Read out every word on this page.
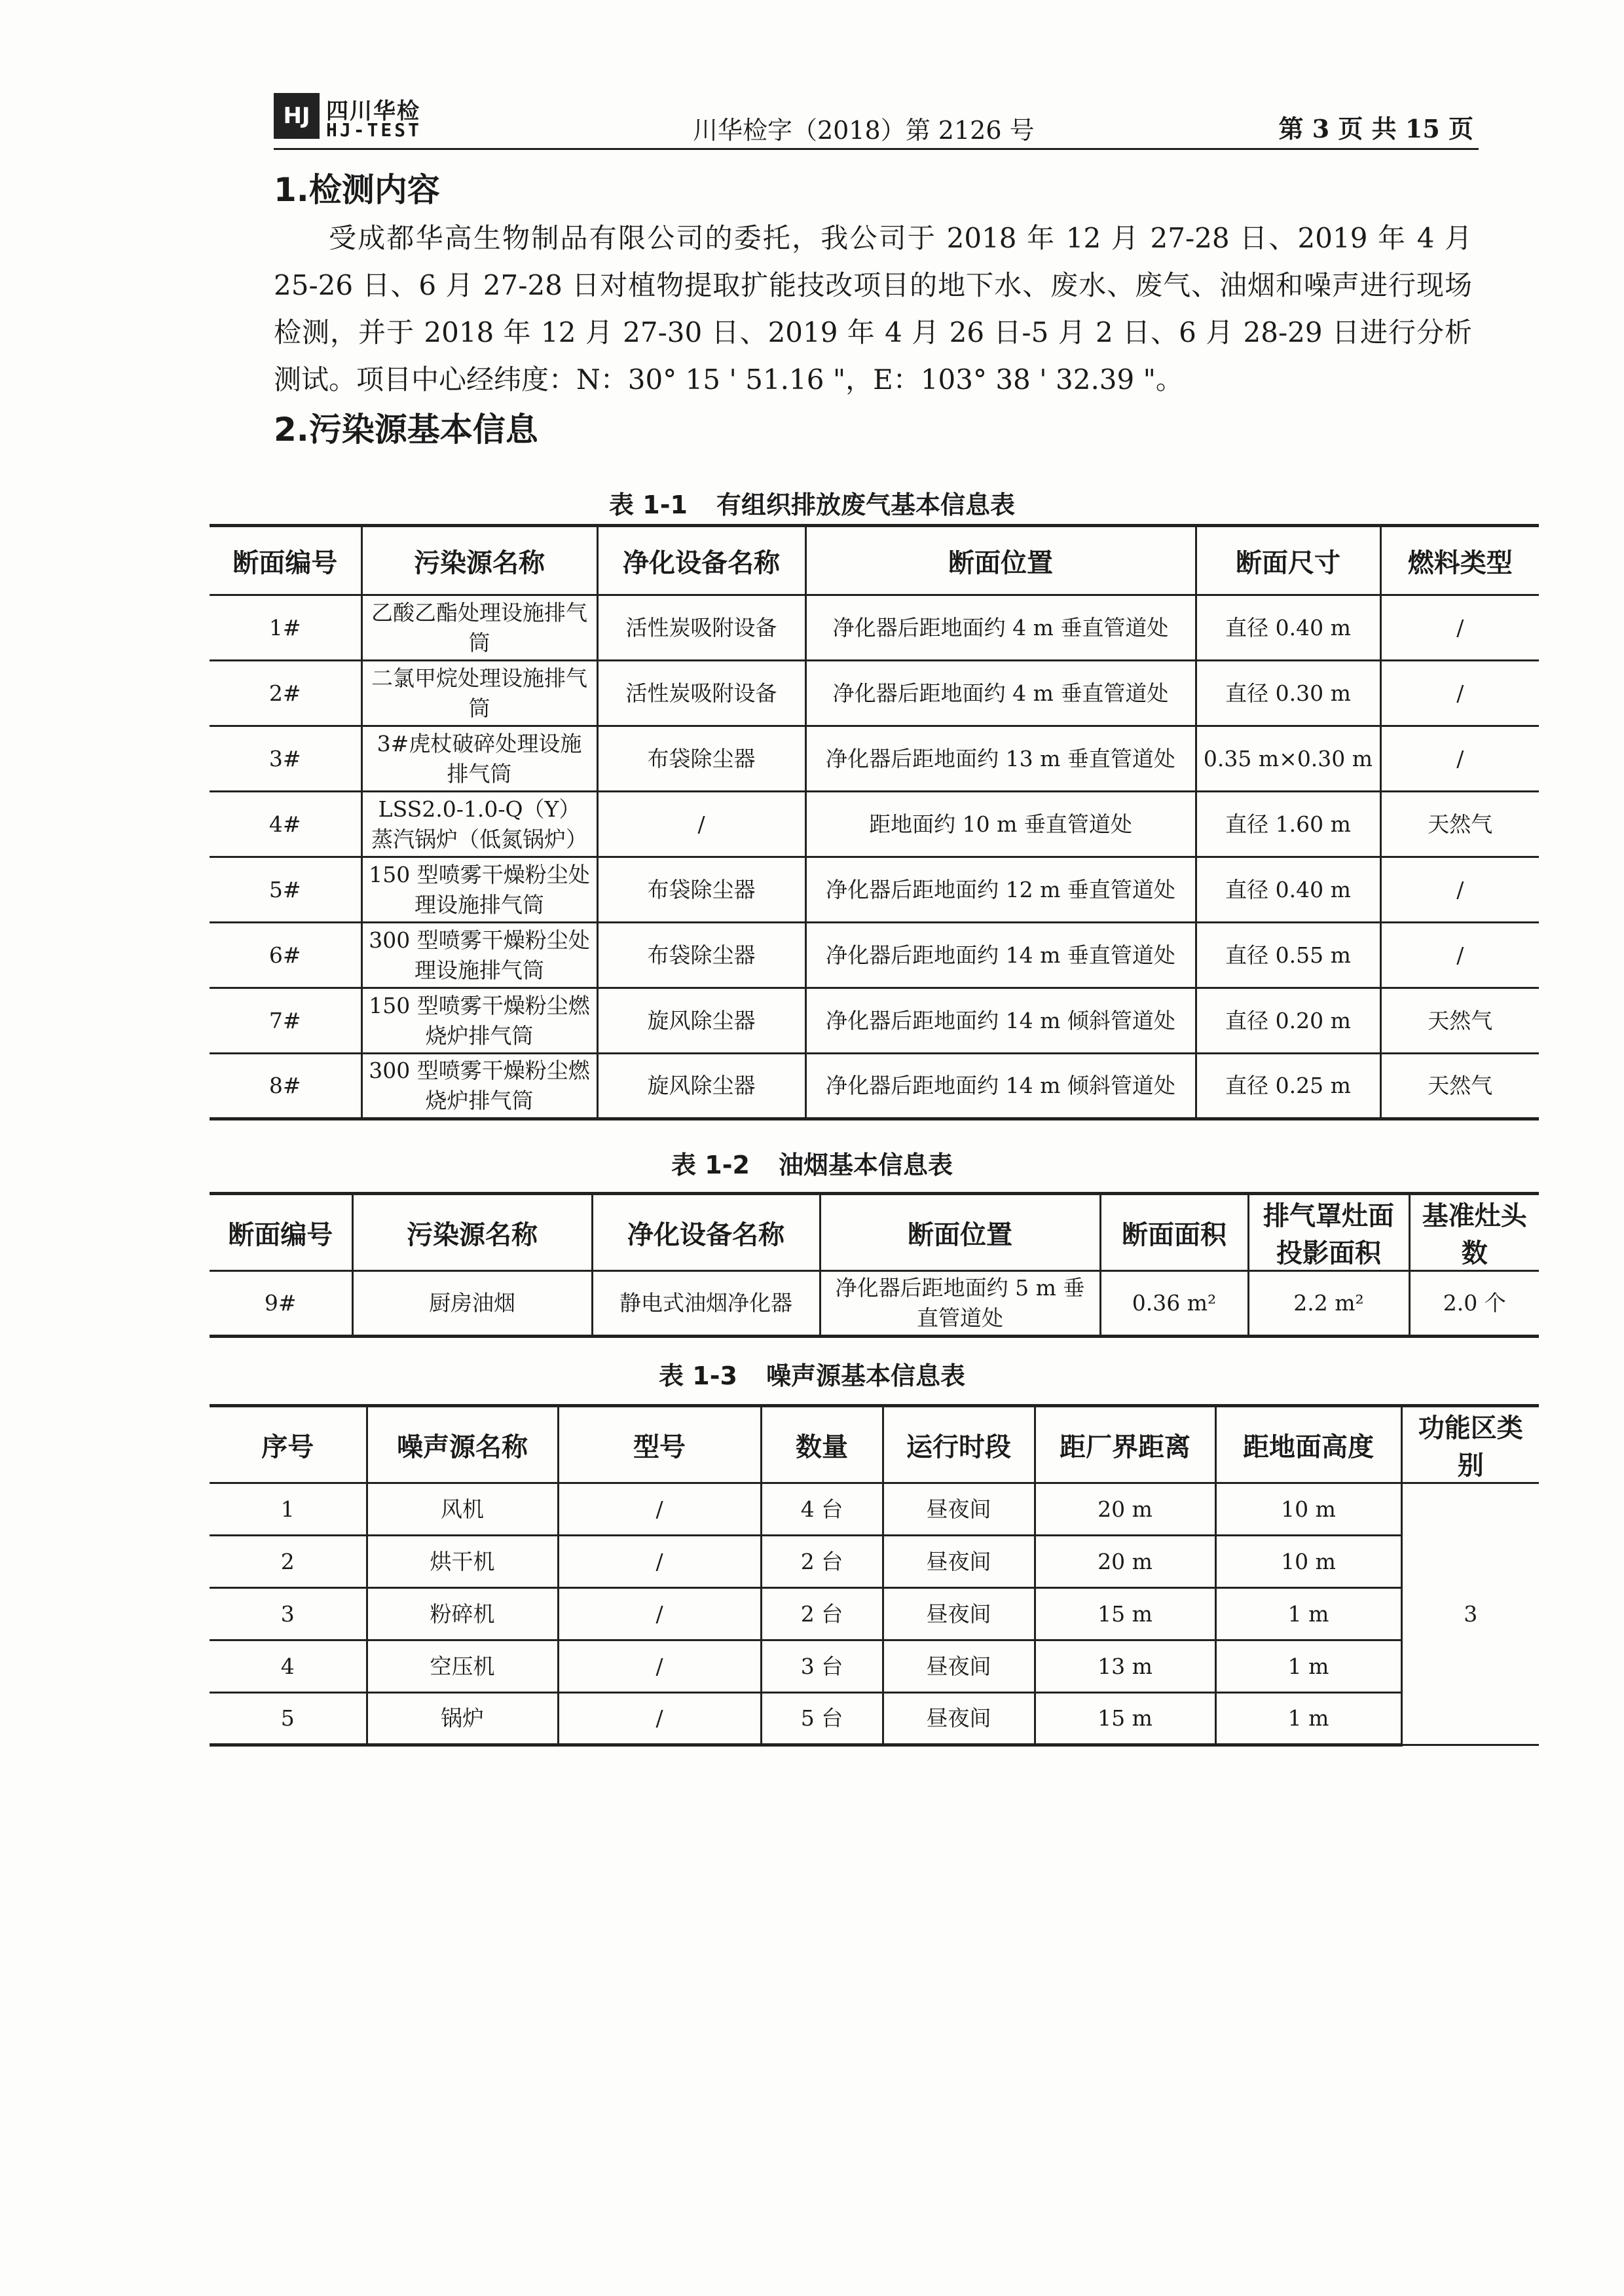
HJ 四川华检
HJ-TEST	川华检字（2018）第 2126 号	第 3 页 共 15 页
1.检测内容

受成都华高生物制品有限公司的委托，我公司于 2018 年 12 月 27-28 日、2019 年 4 月 25-26 日、6 月 27-28 日对植物提取扩能技改项目的地下水、废水、废气、油烟和噪声进行现场检测，并于 2018 年 12 月 27-30 日、2019 年 4 月 26 日-5 月 2 日、6 月 28-29 日进行分析测试。项目中心经纬度：N：30° 15 ' 51.16 "，E：103° 38 ' 32.39 "。

2.污染源基本信息
表 1-1 有组织排放废气基本信息表
断面编号	污染源名称	净化设备名称	断面位置	断面尺寸	燃料类型
1#	乙酸乙酯处理设施排气筒	活性炭吸附设备	净化器后距地面约 4 m 垂直管道处	直径 0.40 m	/
2#	二氯甲烷处理设施排气筒	活性炭吸附设备	净化器后距地面约 4 m 垂直管道处	直径 0.30 m	/
3#	3#虎杖破碎处理设施排气筒	布袋除尘器	净化器后距地面约 13 m 垂直管道处	0.35 m×0.30 m	/
4#	LSS2.0-1.0-Q（Y）蒸汽锅炉（低氮锅炉）	/	距地面约 10 m 垂直管道处	直径 1.60 m	天然气
5#	150 型喷雾干燥粉尘处理设施排气筒	布袋除尘器	净化器后距地面约 12 m 垂直管道处	直径 0.40 m	/
6#	300 型喷雾干燥粉尘处理设施排气筒	布袋除尘器	净化器后距地面约 14 m 垂直管道处	直径 0.55 m	/
7#	150 型喷雾干燥粉尘燃烧炉排气筒	旋风除尘器	净化器后距地面约 14 m 倾斜管道处	直径 0.20 m	天然气
8#	300 型喷雾干燥粉尘燃烧炉排气筒	旋风除尘器	净化器后距地面约 14 m 倾斜管道处	直径 0.25 m	天然气
表 1-2 油烟基本信息表
断面编号	污染源名称	净化设备名称	断面位置	断面面积	排气罩灶面投影面积	基准灶头数
9#	厨房油烟	静电式油烟净化器	净化器后距地面约 5 m 垂直管道处	0.36 m²	2.2 m²	2.0 个
表 1-3 噪声源基本信息表
序号	噪声源名称	型号	数量	运行时段	距厂界距离	距地面高度	功能区类别
1	风机	/	4 台	昼夜间	20 m	10 m	3
2	烘干机	/	2 台	昼夜间	20 m	10 m	
3	粉碎机	/	2 台	昼夜间	15 m	1 m	
4	空压机	/	3 台	昼夜间	13 m	1 m	
5	锅炉	/	5 台	昼夜间	15 m	1 m	
